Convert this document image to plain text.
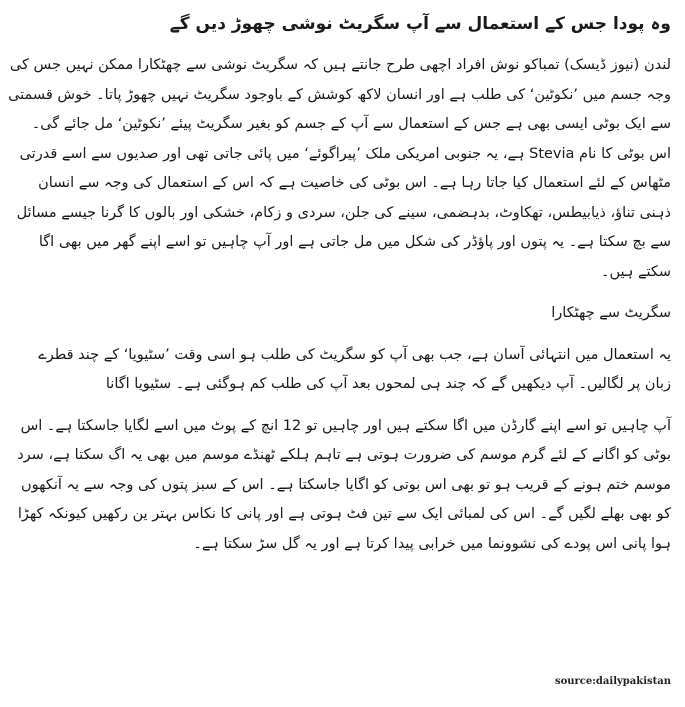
وہ پودا جس کے استعمال سے آپ سگریٹ نوشی چھوڑ دیں گے

لندن (نیوز ڈیسک) تمباکو نوش افراد اچھی طرح جانتے ہیں کہ سگریٹ نوشی سے چھٹکارا ممکن نہیں جس کی وجہ جسم میں ’نکوٹین‘ کی طلب ہے اور انسان لاکھ کوشش کے باوجود سگریٹ نہیں چھوڑ پاتا۔ خوش قسمتی سے ایک بوٹی ایسی بھی ہے جس کے استعمال سے آپ کے جسم کو بغیر سگریٹ پیئے ’نکوٹین‘ مل جائے گی۔ اس بوٹی کا نام Stevia ہے، یہ جنوبی امریکی ملک ’پیراگوئے‘ میں پائی جاتی تھی اور صدیوں سے اسے قدرتی مٹھاس کے لئے استعمال کیا جاتا رہا ہے۔ اس بوٹی کی خاصیت ہے کہ اس کے استعمال کی وجہ سے انسان ذہنی تناؤ، ذیابیطس، تھکاوٹ، بدہضمی، سینے کی جلن، سردی و زکام، خشکی اور بالوں کا گرنا جیسے مسائل سے بچ سکتا ہے۔ یہ پتوں اور پاؤڈر کی شکل میں مل جاتی ہے اور آپ چاہیں تو اسے اپنے گھر میں بھی اگا سکتے ہیں۔

سگریٹ سے چھٹکارا

یہ استعمال میں انتہائی آسان ہے، جب بھی آپ کو سگریٹ کی طلب ہو اسی وقت ’سٹیویا‘ کے چند قطرے زبان پر لگالیں۔ آپ دیکھیں گے کہ چند ہی لمحوں بعد آپ کی طلب کم ہوگئی ہے۔ سٹیویا اگانا

آپ چاہیں تو اسے اپنے گارڈن میں اگا سکتے ہیں اور چاہیں تو 12 انچ کے پوٹ میں اسے لگایا جاسکتا ہے۔ اس بوٹی کو اگانے کے لئے گرم موسم کی ضرورت ہوتی ہے تاہم ہلکے ٹھنڈے موسم میں بھی یہ اگ سکتا ہے، سرد موسم ختم ہونے کے قریب ہو تو بھی اس بوتی کو اگایا جاسکتا ہے۔ اس کے سبز پتوں کی وجہ سے یہ آنکھوں کو بھی بھلے لگیں گے۔ اس کی لمبائی ایک سے تین فٹ ہوتی ہے اور پانی کا نکاس بہتر ین رکھیں کیونکہ کھڑا ہوا پانی اس پودے کی نشوونما میں خرابی پیدا کرتا ہے اور یہ گل سڑ سکتا ہے۔

source:dailypakistan
